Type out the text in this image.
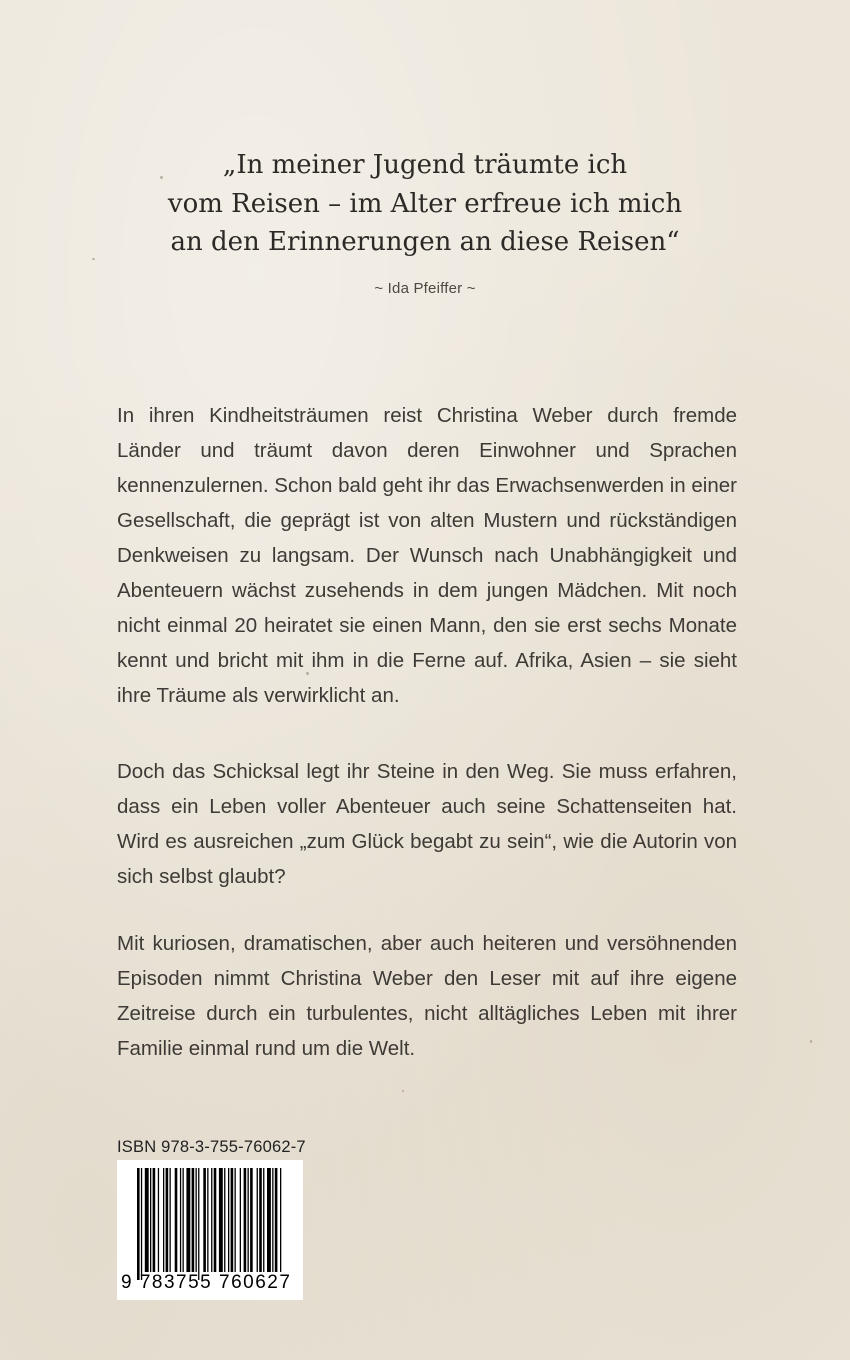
„In meiner Jugend träumte ich
vom Reisen – im Alter erfreue ich mich
an den Erinnerungen an diese Reisen“

~ Ida Pfeiffer ~

In ihren Kindheitsträumen reist Christina Weber durch fremde Länder und träumt davon deren Einwohner und Sprachen kennenzulernen. Schon bald geht ihr das Erwachsenwerden in einer Gesellschaft, die geprägt ist von alten Mustern und rückständigen Denkweisen zu langsam. Der Wunsch nach Unabhängigkeit und Abenteuern wächst zusehends in dem jungen Mädchen. Mit noch nicht einmal 20 heiratet sie einen Mann, den sie erst sechs Monate kennt und bricht mit ihm in die Ferne auf. Afrika, Asien – sie sieht ihre Träume als verwirklicht an.

Doch das Schicksal legt ihr Steine in den Weg. Sie muss erfahren, dass ein Leben voller Abenteuer auch seine Schattenseiten hat. Wird es ausreichen „zum Glück begabt zu sein“, wie die Autorin von sich selbst glaubt?

Mit kuriosen, dramatischen, aber auch heiteren und versöhnenden Episoden nimmt Christina Weber den Leser mit auf ihre eigene Zeitreise durch ein turbulentes, nicht alltägliches Leben mit ihrer Familie einmal rund um die Welt.

ISBN 978-3-755-76062-7

9 783755 760627
